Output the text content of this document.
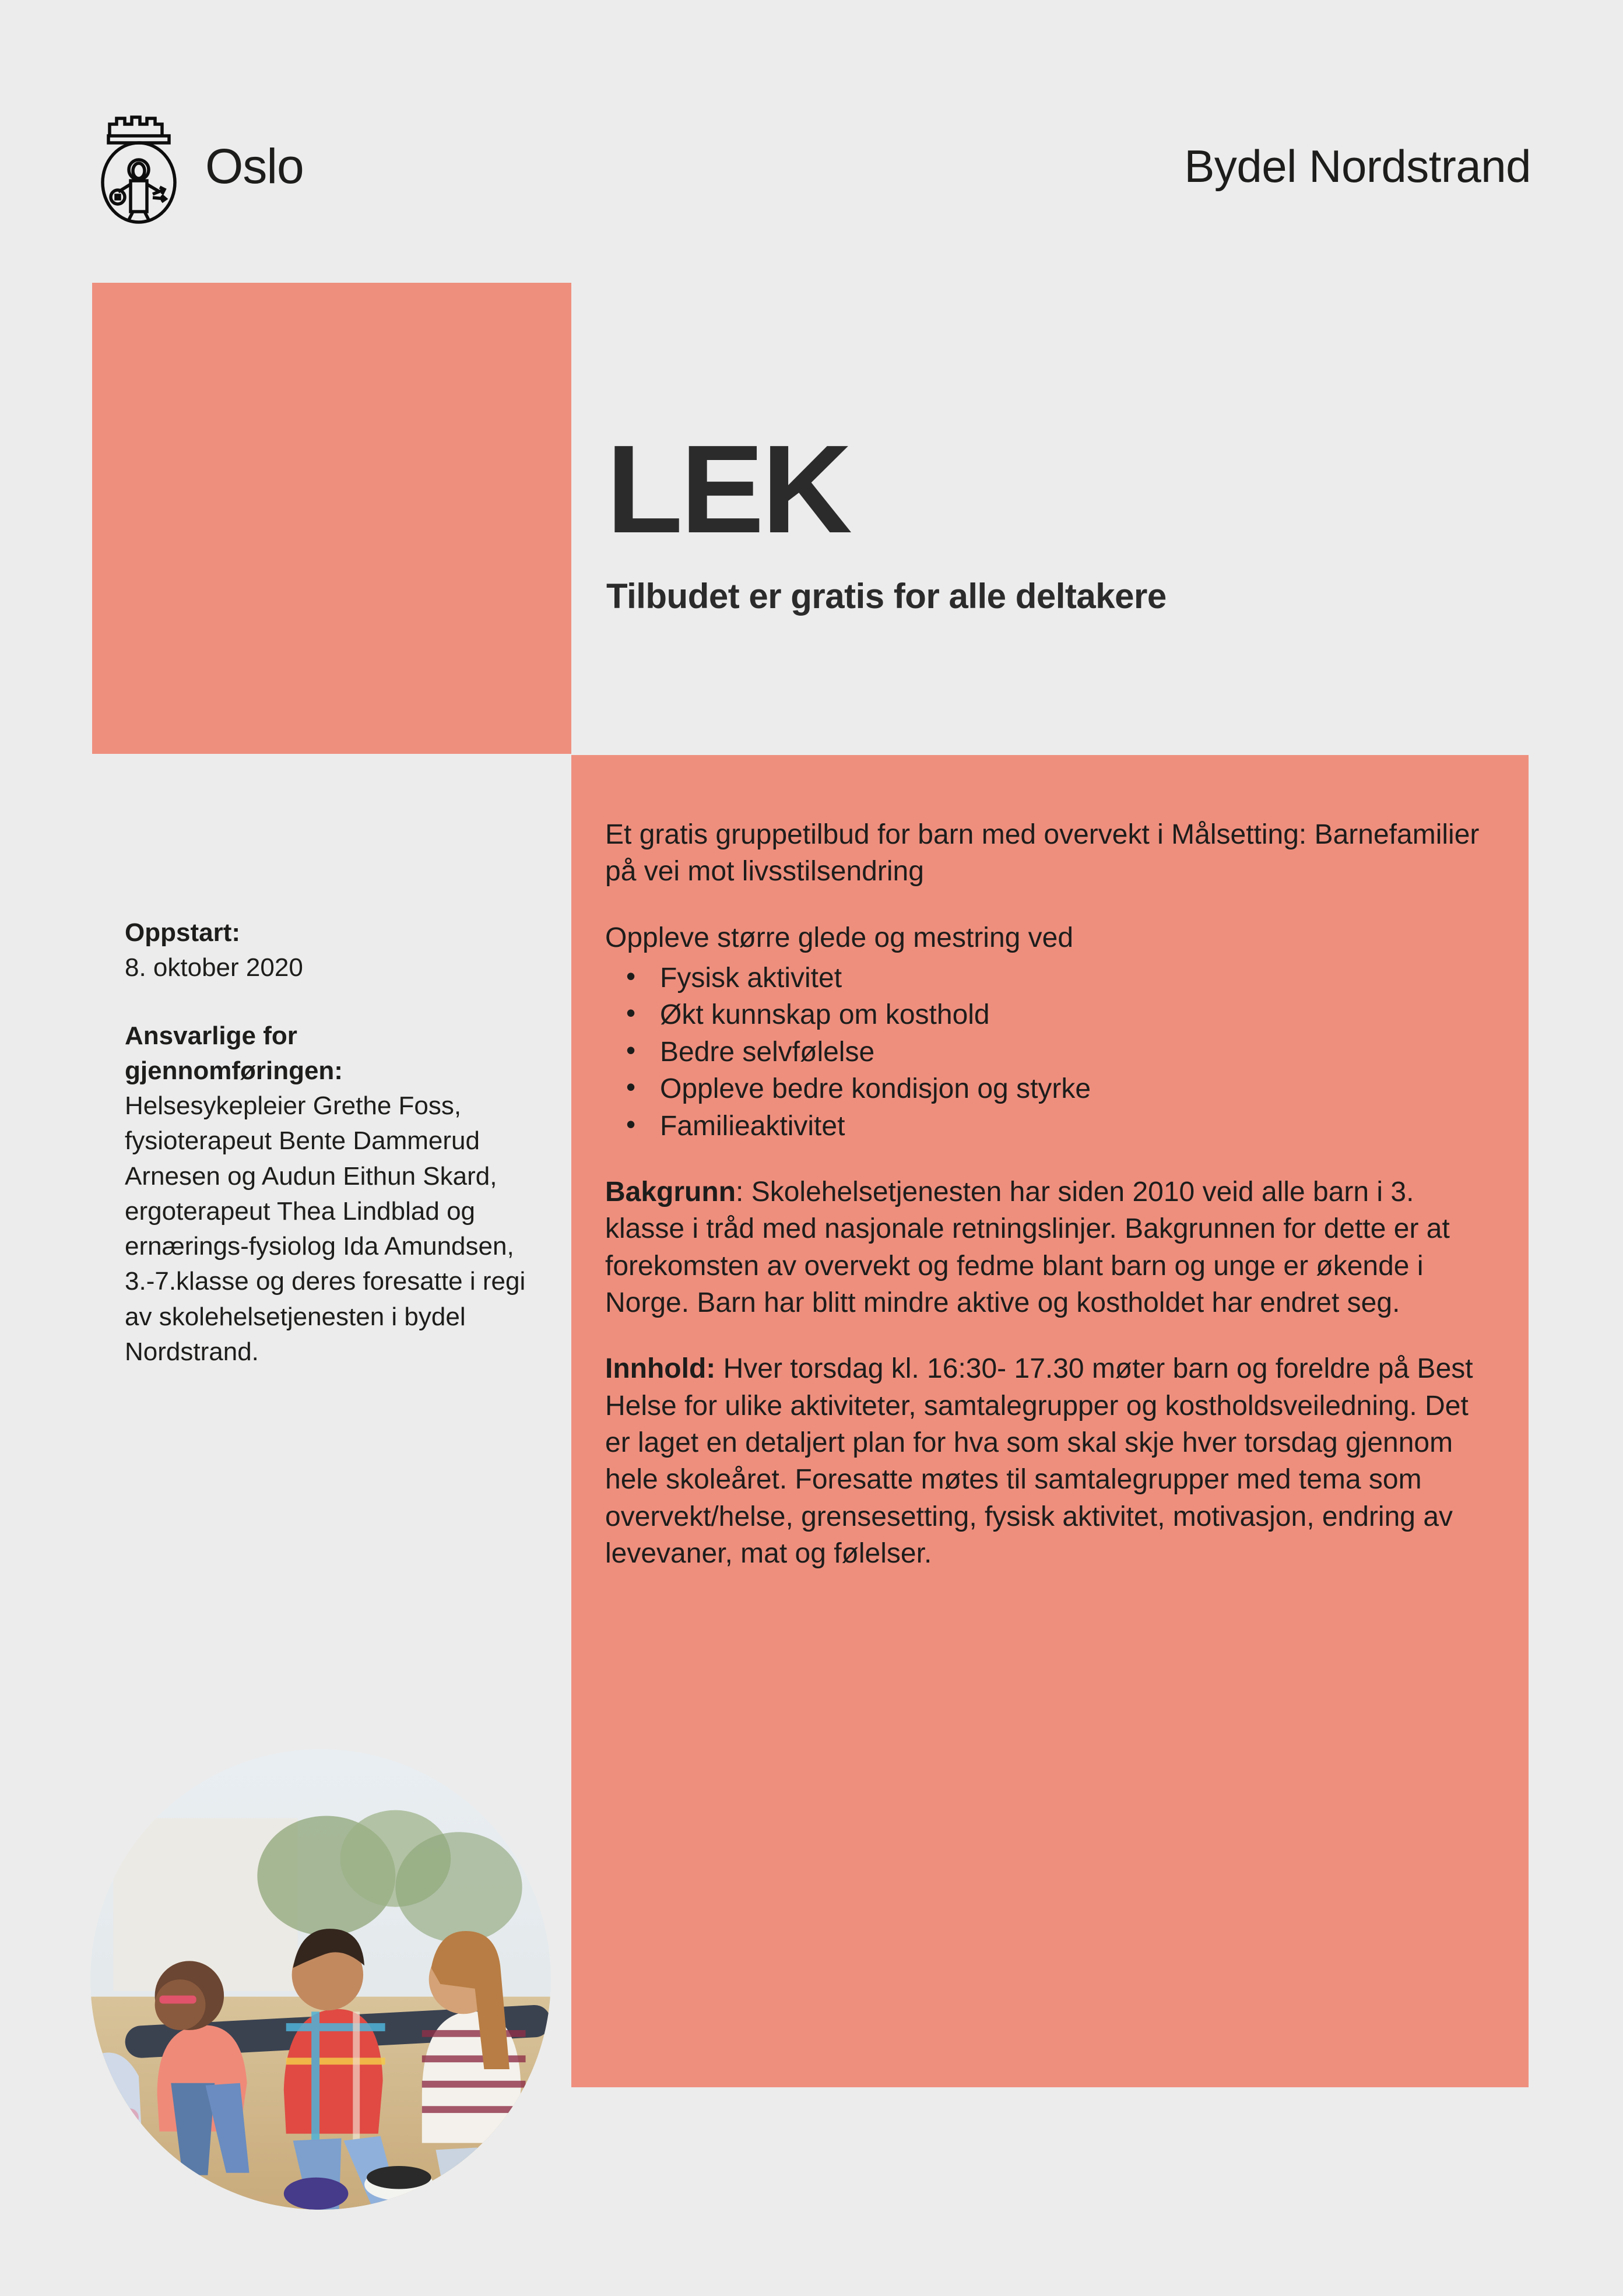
Oslo	Bydel Nordstrand
LEK

Tilbudet er gratis for alle deltakere

Oppstart:

8. oktober 2020

Ansvarlige for

gjennomføringen:

Helsesykepleier Grethe Foss, fysioterapeut Bente Dammerud Arnesen og Audun Eithun Skard, ergoterapeut Thea Lindblad og ernærings-fysiolog Ida Amundsen, 3.-7.klasse og deres foresatte i regi av skolehelsetjenesten i bydel Nordstrand.

Et gratis gruppetilbud for barn med overvekt i Målsetting: Barnefamilier på vei mot livsstilsendring

Oppleve større glede og mestring ved

• Fysisk aktivitet
• Økt kunnskap om kosthold
• Bedre selvfølelse
• Oppleve bedre kondisjon og styrke
• Familieaktivitet

Bakgrunn: Skolehelsetjenesten har siden 2010 veid alle barn i 3. klasse i tråd med nasjonale retningslinjer. Bakgrunnen for dette er at forekomsten av overvekt og fedme blant barn og unge er økende i Norge. Barn har blitt mindre aktive og kostholdet har endret seg.

Innhold: Hver torsdag kl. 16:30- 17.30 møter barn og foreldre på Best Helse for ulike aktiviteter, samtalegrupper og kostholdsveiledning. Det er laget en detaljert plan for hva som skal skje hver torsdag gjennom hele skoleåret. Foresatte møtes til samtalegrupper med tema som overvekt/helse, grensesetting, fysisk aktivitet, motivasjon, endring av levevaner, mat og følelser.
